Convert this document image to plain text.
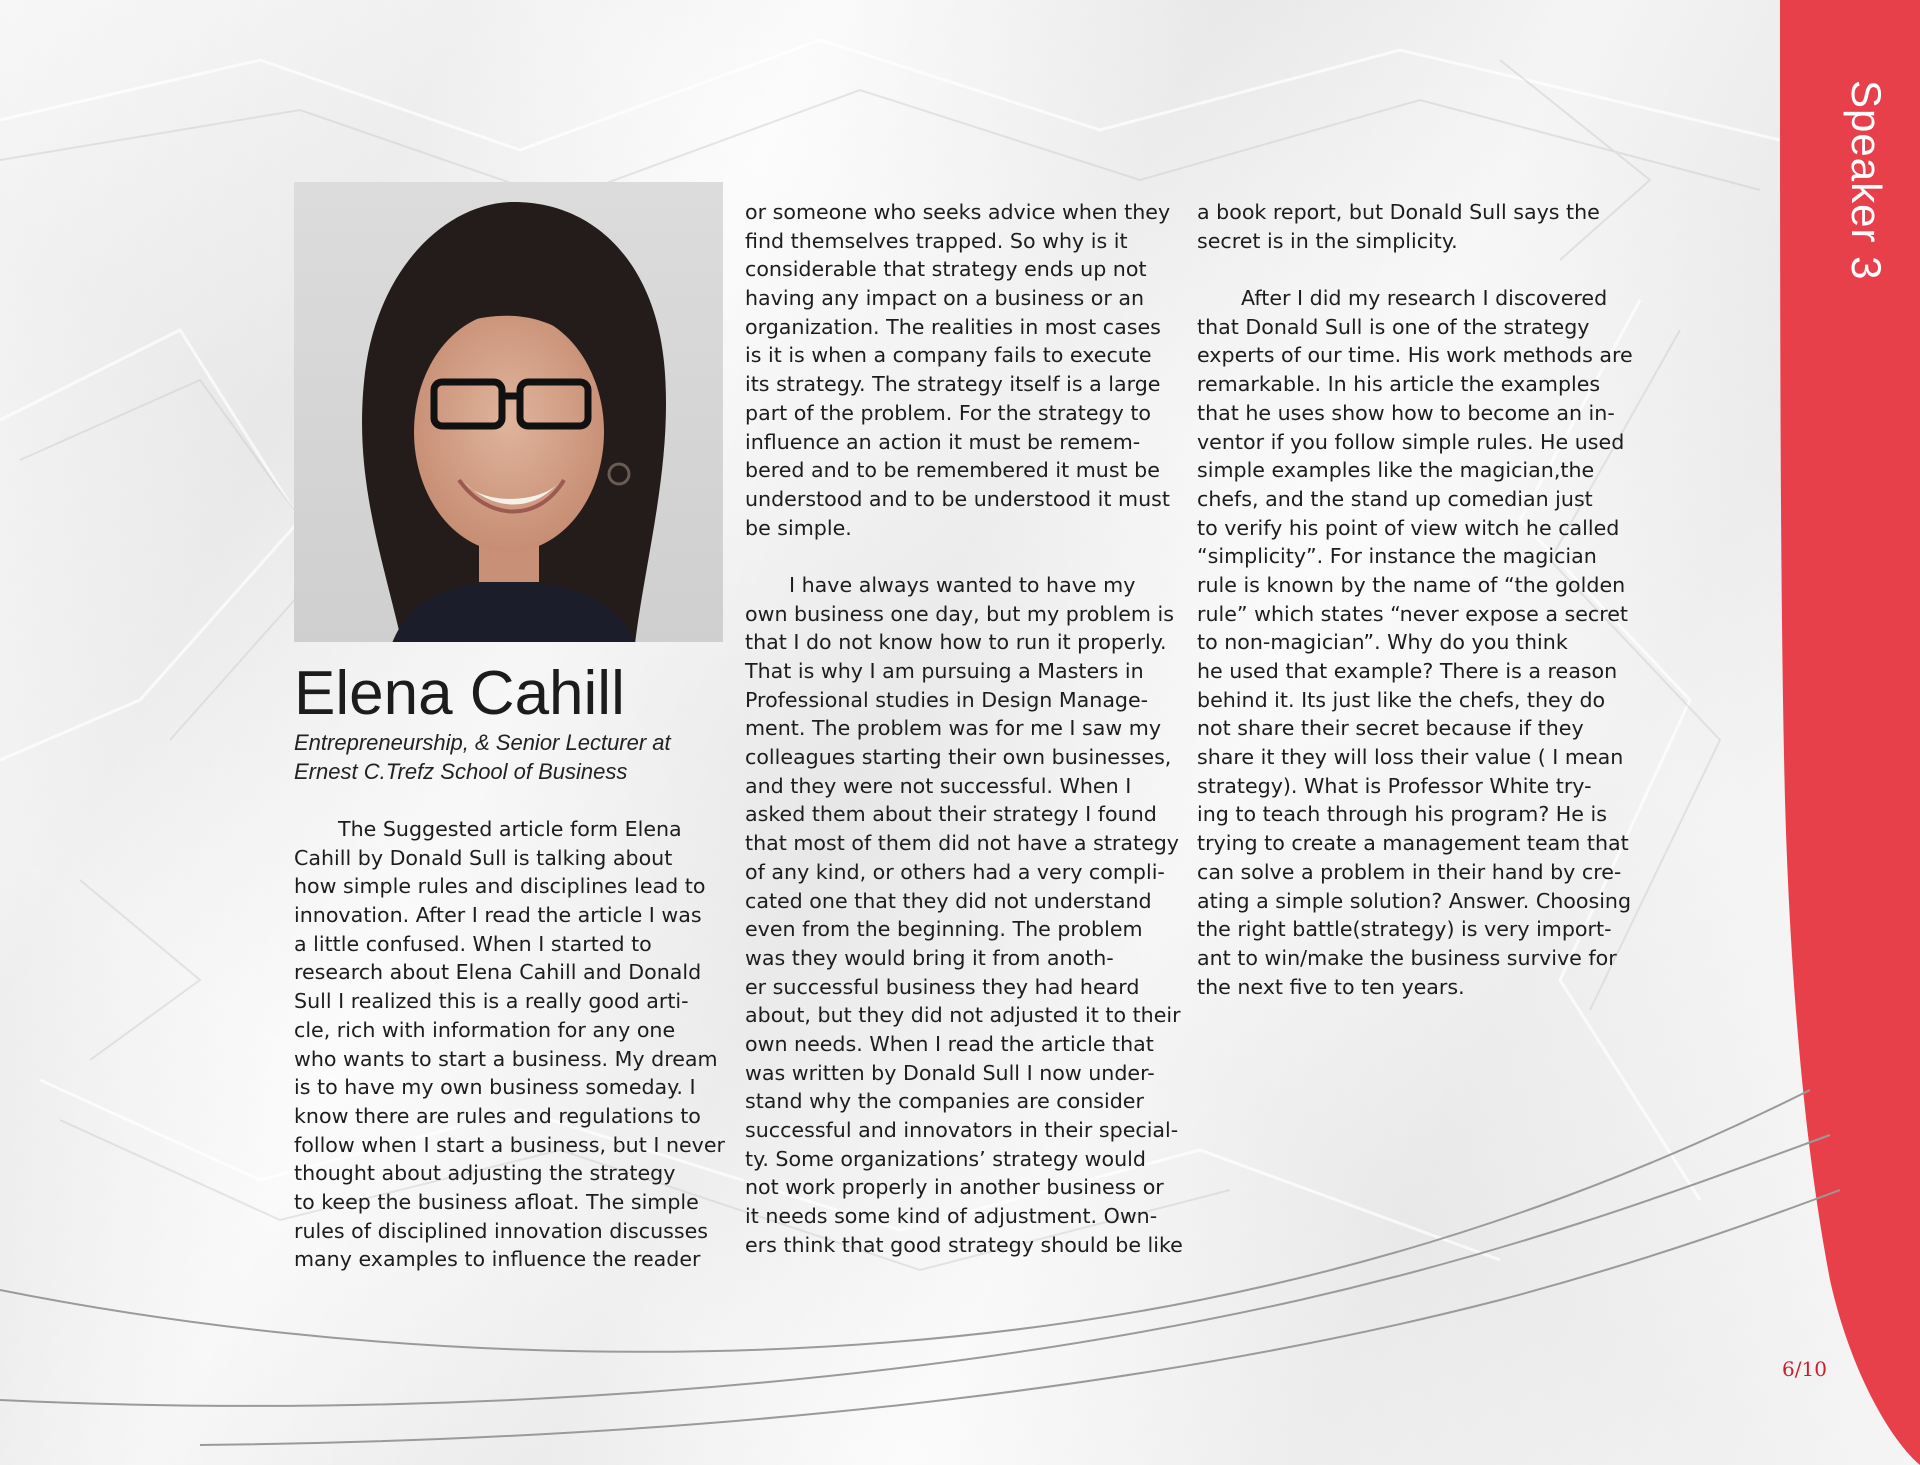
Speaker 3
Elena Cahill
Entrepreneurship, & Senior Lecturer at
Ernest C.Trefz School of Business
The Suggested article form Elena
Cahill by Donald Sull is talking about
how simple rules and disciplines lead to
innovation. After I read the article I was
a little confused. When I started to
research about Elena Cahill and Donald
Sull I realized this is a really good arti-
cle, rich with information for any one
who wants to start a business. My dream
is to have my own business someday. I
know there are rules and regulations to
follow when I start a business, but I never
thought about adjusting the strategy
to keep the business afloat. The simple
rules of disciplined innovation discusses
many examples to influence the reader
or someone who seeks advice when they
find themselves trapped. So why is it
considerable that strategy ends up not
having any impact on a business or an
organization. The realities in most cases
is it is when a company fails to execute
its strategy. The strategy itself is a large
part of the problem. For the strategy to
influence an action it must be remem-
bered and to be remembered it must be
understood and to be understood it must
be simple.
I have always wanted to have my
own business one day, but my problem is
that I do not know how to run it properly.
That is why I am pursuing a Masters in
Professional studies in Design Manage-
ment. The problem was for me I saw my
colleagues starting their own businesses,
and they were not successful. When I
asked them about their strategy I found
that most of them did not have a strategy
of any kind, or others had a very compli-
cated one that they did not understand
even from the beginning. The problem
was they would bring it from anoth-
er successful business they had heard
about, but they did not adjusted it to their
own needs. When I read the article that
was written by Donald Sull I now under-
stand why the companies are consider
successful and innovators in their special-
ty. Some organizations’ strategy would
not work properly in another business or
it needs some kind of adjustment. Own-
ers think that good strategy should be like
a book report, but Donald Sull says the
secret is in the simplicity.
After I did my research I discovered
that Donald Sull is one of the strategy
experts of our time. His work methods are
remarkable. In his article the examples
that he uses show how to become an in-
ventor if you follow simple rules. He used
simple examples like the magician,the
chefs, and the stand up comedian just
to verify his point of view witch he called
“simplicity”. For instance the magician
rule is known by the name of “the golden
rule” which states “never expose a secret
to non-magician”. Why do you think
he used that example? There is a reason
behind it. Its just like the chefs, they do
not share their secret because if they
share it they will loss their value ( I mean
strategy). What is Professor White try-
ing to teach through his program? He is
trying to create a management team that
can solve a problem in their hand by cre-
ating a simple solution? Answer. Choosing
the right battle(strategy) is very import-
ant to win/make the business survive for
the next five to ten years.
6/10
